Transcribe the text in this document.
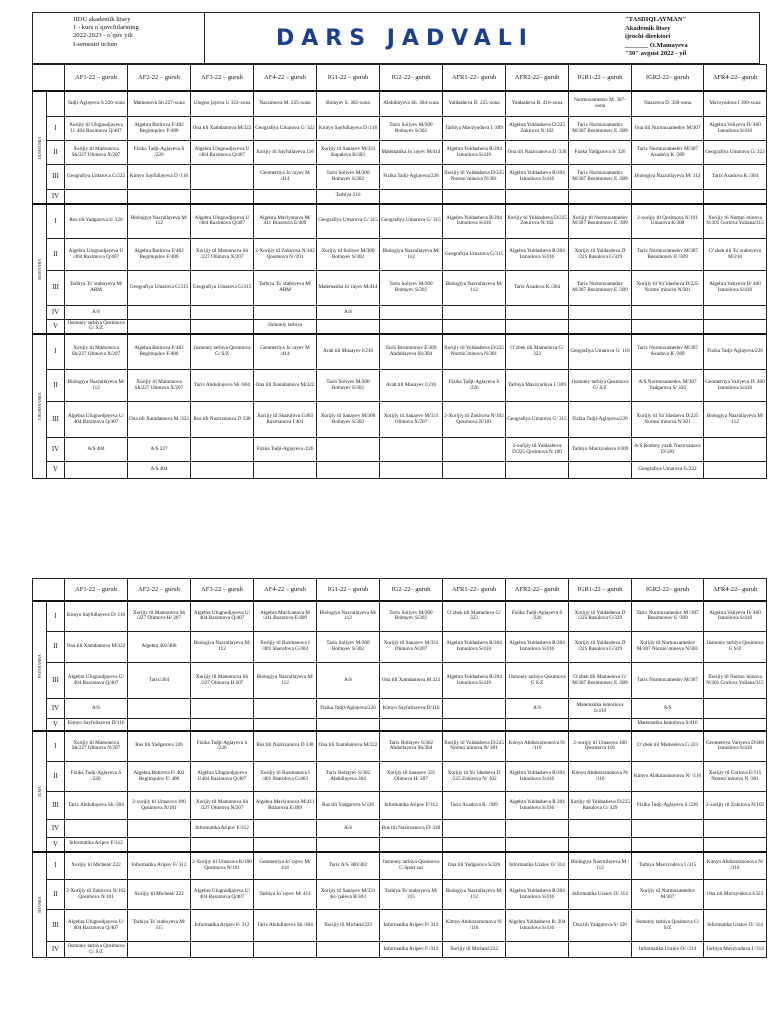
JIDU akademik litsey
1 - kurs o`quvchilarining
2022-2023 - o`quv yili
I-semestri uchun	DARS JADVALI
"TASDIQLAYMAN"
Akademik litsey
ijrochi direktori
_______ O.Mamayeva
"30" avgust 2022 - yil
		AF1-22 – guruh	AF2-22 – guruh	AF3-22 – guruh	AF4-22 – guruh	IG1-22 – guruh	IG2-22– guruh	AFR1-22– guruh	AFR2-22– guruh	IGR1-22 – guruh	IGR2-22– guruh	AFR4-22– guruh
DUSHANBA		Tadji-Aglayeva S 226-xona	Mamonova Sh 227-xona	Ulugno`jayeva U 322-xona	Narzimova M. 225-xona	Bolayev S. 302-xona	Abdullayeva Sh. 304-xona	Yuldasheva D. 225-xona	Yuldasheva R. 416-xona	Nurmuxamedov M. 307-xona	Nazarova D. 330-xona	Mavzyudova I 309-xona
	I	Xorijiy til Ulugnodjayeva U/ 404 Raximova Q/407	Algebra Botirova F/402 Begimqulov F/406	Ona tili Xamdamova M/322	Geografiya Umarova G/ 322	Kimyo Sayfullayeva D /116	Tarix Soliyev M/300 Boltayev S/302	Tarbiya Mavzyudova I /309	Algebra Yuldasheva D/225 Zokirova N/102	Tarix Nurmuxamedov M/307 Bosimtonov E /309	Ona tili Nurmuxamedov M/307	Algebra Valiyeva D/ 400 Ismoilova S/416
	II	Xorijiy til Mamonova Sh/227 Olimova X/207	Fizika Tadji-Aglayeva S /226	Algebra Ulugnodjayeva U /404 Raximova Q/407	Xorijiy til Sayfullayeva 116	Xorijiy til Sanayev M/331 Kapalova B/303	Matematika Jo`rayev M/414	Algebra Yuldasheva R/204 Ismoilova S/416	Ona tili Nazirxanova D /330	Fizika Yadgarova S/ 326	Tarix Nurmuxamedov M/307 Axadova K /309	Geografiya Umarova G/ 222
	III	Geografiya Umarova G/222	Kimyo Sayfullayeva D /116		Geometriya Jo`rayev M /414	Tarix Soliyev M/300 Boltayev S/302	Fizika Tadji-Aglayeva/226	Xorijiy til Yuldasheva D/225 Normo`minova N/301	Algebra Yuldasheva R/204 Ismoilova S/416	Tarix Nurmuxamedov M/307 Bosimtonov E /309	Biologiya Nazrullayeva M/ 112	Tarix Axadova K /304
	IV					Tarbiya 216						
SESHANBA	I	Rus tili Yadgarova S/ 326	Biologiya Nazrullayeva M/ 112	Algebra Ulugnodjayeva U /404 Raximova Q/407	Algebra Mavlyanova M/ 411 Bozorova E/409	Geografiya Umarova G/ 315	Geografiya Umarova G/ 315	Algebra Yuldasheva R/204 Ismoilova S/416	Xorijiy til Yuldasheva D/225 Zokirova N/102	Xorijiy til Nurmuxamedov M/307 Bosimtonov E /309	2-xorijiy til Qosimova N/101 Umarova K/300	Xorijiy til Normo`minova N/301 Gorlova Yuliana/315
	II	Algebra Ulugnodjayeva U /404 Raximova Q/407	Algebra Botirova F/402 Begimqulov F/406	Xorijiy til Mamonova Sh /227 Olimova X/207	2-Xorijiy til Zokirova N/102 Qosimova N /101	Xorijiy til Soliyev M/300 Boltayev S/302	Biologiya Nazrullayeva M/ 112	Geografiya Umarova G/315	Algebra Yuldasheva R/204 Ismoilova S/416	Xorijiy til Yuldasheva D /225 Rasulova G/329	Tarix Nurmuxamedov M/307 Bosimtonov E /309	O`zbek tili To`xtaboyeva M/216
	III	Tarbiya To`xtaboyeva M/ ARM	Geografiya Umarova G/315	Geografiya Umarova G/315	Tarbiya To`xtaboyeva M/ ARM	Matematika Jo`rayev M/414	Tarix Soliyev M/300 Boltayev S/302	Biologiya Nazrullayeva M/ 112	Tarix Axadova K./304	Tarix Nurmuxamedov M/307 Bosimtonov E /309	Xorijiy til Yo`ldosheva D/225 Normo`minova N/301	Algebra Valiyeva D/ 400 Ismoilova S/416
	IV	A/S				A/S						
	V	Jismoniy tarbiya Qosimova G/ S/Z			Jismoniy tarbiya							
CHORSHANBA	I	Xorijiy til Mamonova Sh/227 Olimova X/207	Algebra Botirova F/402 Begimqulov F/406	Jismoniy tarbiya Qosimova G/ S/Z	Geometriya Jo`rayev M /414	Arab tili Musayev I/216	Tarix Bosimtonov E/309 Abdullayeva Sh/304	Xorijiy til Yuldasheva D/225 Normo`minova N/301	O`zbek tili Mamedova G/ 323	Geografiya Umarova G/ 116	Tarix Nurmuxamedov M/307 Axadova K /309	Fizika Tadji-Aglayeva/226
	II	Biologiya Nazrullayeva M/ 112	Xorijiy til Mamonova Sh/227 Olimova X/207	Tarix Abdullayeva Sh /304	Ona tili Xamdamova M/322	Tarix Soliyev M/300 Boltayev S/302	Arab tili Musayev I/216	Fizika Tadji-Aglayeva S /226	Tarbiya Mavzyudova I /309	Jismoniy tarbiya Qosimova G/ S/Z	A/S Nurmuxamedov M/307 Yadgarova S/ 326	Geometriya Valiyeva D/ 400 Ismoilova S/416
	III	Algebra Ulugnodjayeva U/ 404 Raximova Q/407	Ona tili Xamdamova M /322	Rus tili Nazirxanova D 330	Xorijiy til Sharofova G403 Raxmanova I 401	Xorijiy til Sanayev M/300 Boltayev S/302	Xorijiy til Sanayev M/331 Olimova X/207	2-Xorijiy til Zokirova N/102 Qosimova N/101	Geografiya Umarova G/ 315	Fizika Tadji-Aglayeva/226	Xorijiy til Yo`ldosheva D/225 Normo`minova N/301	Biologiya Nazrullayeva M/ 112
	IV	A/S 404	A/S 227		Fizika Tadji-Aglayeva /226				2-xorijiy til Yuldasheva D/225 Qosimova N 100	Tarbiya Mavzyudova I/309	A/S Rodnoy yazik Nazirxanova D/330	
	V		A/S 404								Geografiya Umarova G/222	
		AF1-22 – guruh	AF2-22 – guruh	AF3-22 – guruh	AF4-22 – guruh	IG1-22 – guruh	IG2-22– guruh	AFR1-22– guruh	AFR2-22– guruh	IGR1-22 – guruh	IGR2-22– guruh	AFR4-22– guruh
PAYSHANBA	I	Kimyo Sayfullayeva D/ 116	Xorijiy til Mamonova Sh /227 Olimova H/ 207	Algebra Ulugnodjayeva U/ 404 Raximova Q/407	Algebra Mavlyanova M /411 Bozorova E/409	Biologiya Nazrullayeva M/ 112	Tarix Soliyev M/300 Boltayev S/302	O`zbek tili Mamedova G/ 323	Fizika Tadji-Aglayeva S /226	Xorijiy til Yuldasheva D /225 Rasulova G/329	Tarix Nurmuxamedov M /307 Bosimtonov E /309	Algebra Valiyeva D/ 400 Ismoilova S/416
	II	Ona tili Xamdamova M/322	Algebra 402/406	Biologiya Nazrullayeva M/ 112	Xorijiy til Raxmanova I /401 Sharofova G/403	Tarix Soliyev M/300 Boltayev S/302	Xorijiy til Sanayev M/331 Olimova N/207	Algebra Yuldasheva R/204 Ismoilova S/416	Algebra Yuldasheva R/204 Ismoilova S/416	Xorijiy til Yuldasheva D /225 Rasulova G/329	Xorijiy til Nurmuxamedov M/307 Normo`minova N/301	Jismoniy tarbiya Qosimova G S/Z
	III	Algebra Ulugnodjayeva U/ 404 Raximova Q/407	Tarix/304	Xorijiy til Mamonova Sh /227 Olimova H 207	Biologiya Nazrullayeva M/ 112	A/S	Ona tili Xamdamova M 322	Algebra Yuldasheva R/204 Ismoilova S/416	Jismoniy tarbiya Qosimova G S/Z	O`zbek tili Mamedova G/ M/307 Bosimtonov E /309	Tarix Nurmuxamedov M/307	Xorijiy til Normo`minova N/301 Gorlova Yuliana/315
	IV	A/S				Fizika Tadji-Aglayeva/226	Kimyo Sayfullayeva D/116		A/S	Matematika Ismoilova S/416	A/S	
	V	Kimyo Sayfullayeva D/116									Matematika Ismoilova S/416	
JUMA	I	Xorijiy til Mamonova Sh/227 Olimova N/207	Rus tili Yadgarova 326	Fizika Tadji-Aglayeva S /226	Rus tili Nazirxanova D 330	Ona tili Xamdamova M/322	Tarix Boltayev S/302 Abdullayeva Sh/304	Xorijiy til Yuldasheva D/225 Normo`minova N/ 301	Kimyo Abduraxmonova N/ /116	2-xorijiy til Umarova 100 Qosimova 101	O`zbek tili Mamedova G 323	Geometriya Valiyeva D/400 Ismoilova S/416
	II	Fizika Tadji-Aglayeva S /226	Algebra Botirova F/ 402 Begimqulov F/ 406	Algebra Ulugnodjayeva U404 Raximova Q/407	Xorijiy til Raxmanova I /401 Sharofova G/403	Tarix Boltayev S/302 Abdullayeva 304	Xorijiy til Sanayev 331 Olimova H/ 207	Xorijiy til Yo`ldosheva D /225 Zokirova N/ 102	Algebra Yuldasheva R/204 Ismoilova S/416	Kimyo Abduraxmonova N/ /116	Kimyo Abduraxmonova N/ /116	Xorijiy til Gorlova E/115 Normo`minova N /301
	III	Tarix Abdullayeva Sh /304	2-xorijiy til Umarova 100 Qosimova N/101	Xorijiy til Mamonova Sh /227 Olimova N/207	Algebra Mavlyanova M/411 Bozorova E/409	Rus tili Yadgarova S/326	Informatika Aripov F/312	Tarix Axadova K. /309	Algebra Yuldasheva R 204 Ismoilova S/416	Xorijiy til Yuldasheva D/225 Rasulova G/ 329	Fizika Tadji-Aglayeva S /226	2-xorijiy til Zokirova N/102
	IV			Informatika Aripov F/312		A/S	Rus tili Nazirxanova D/ 330					
	V	Informatika Aripov F/312										
SHANBA	I	Xorijiy til Micheal/ 222	Informatika Aripov F/ 312	2-Xorijiy til Umarova K/100 Qosimova N/101	Geometriya Jo`rayev M/ 414	Tarix A/S 300/302	Jismoniy tarbiya Qosimova G Sport zal	Ona tili Yadgarova S/326	Informatika Uralov O/ 314	Biologiya Nazrullayeva M / 112	Tarbiya Mavzyudova I /315	Kimyo Abduraxmonova N/ /116
	II	2-Xorijiy til Zokirova N/102 Qosimova N/101	Xorijiy til Micheal/ 222	Algebra Ulugnodjayeva U/ 404 Raximova Q/407	Tarbiya Jo`rayev M/ 414	Xorijiy til Sanayev M/331 Ko`paleva B/303	Tarbiya To`xtaboyeva M/ 315	Biologiya Nazrullayeva M/ 112	Algebra Yuldasheva R/204 Ismoilova S/416	Informatika Uralov O/ 314	Xorijiy til Nurmuxamedov M/307	Ona tili Mavzyudova I/323
	III	Algebra Ulugnodjayeva U/ 404 Raximova Q/407	Tarbiya To`xtaboyeva M/ 315	Informatika Aripov F/ 312	Tarix Abdullayeva Sh /304	Xorijiy til Micheal/222	Informatika Aripov F/ 312	Kimyo Abduraxmonova N/ /116	Algebra Yuldasheva R/ 204 Ismoilova S/416	Ona tili Yadgarova S/ 326	Jismoniy tarbiya Qosimova G/ S/Z	Informatika Uralov O/ 314
	IV	Jismoniy tarbiya Qosimova G/ S/Z					Informatika Aripov F /312	Xorijiy til Micheal/222			Informatika Uralov O/ /314	Tarbiya Mavzyudova I /314
